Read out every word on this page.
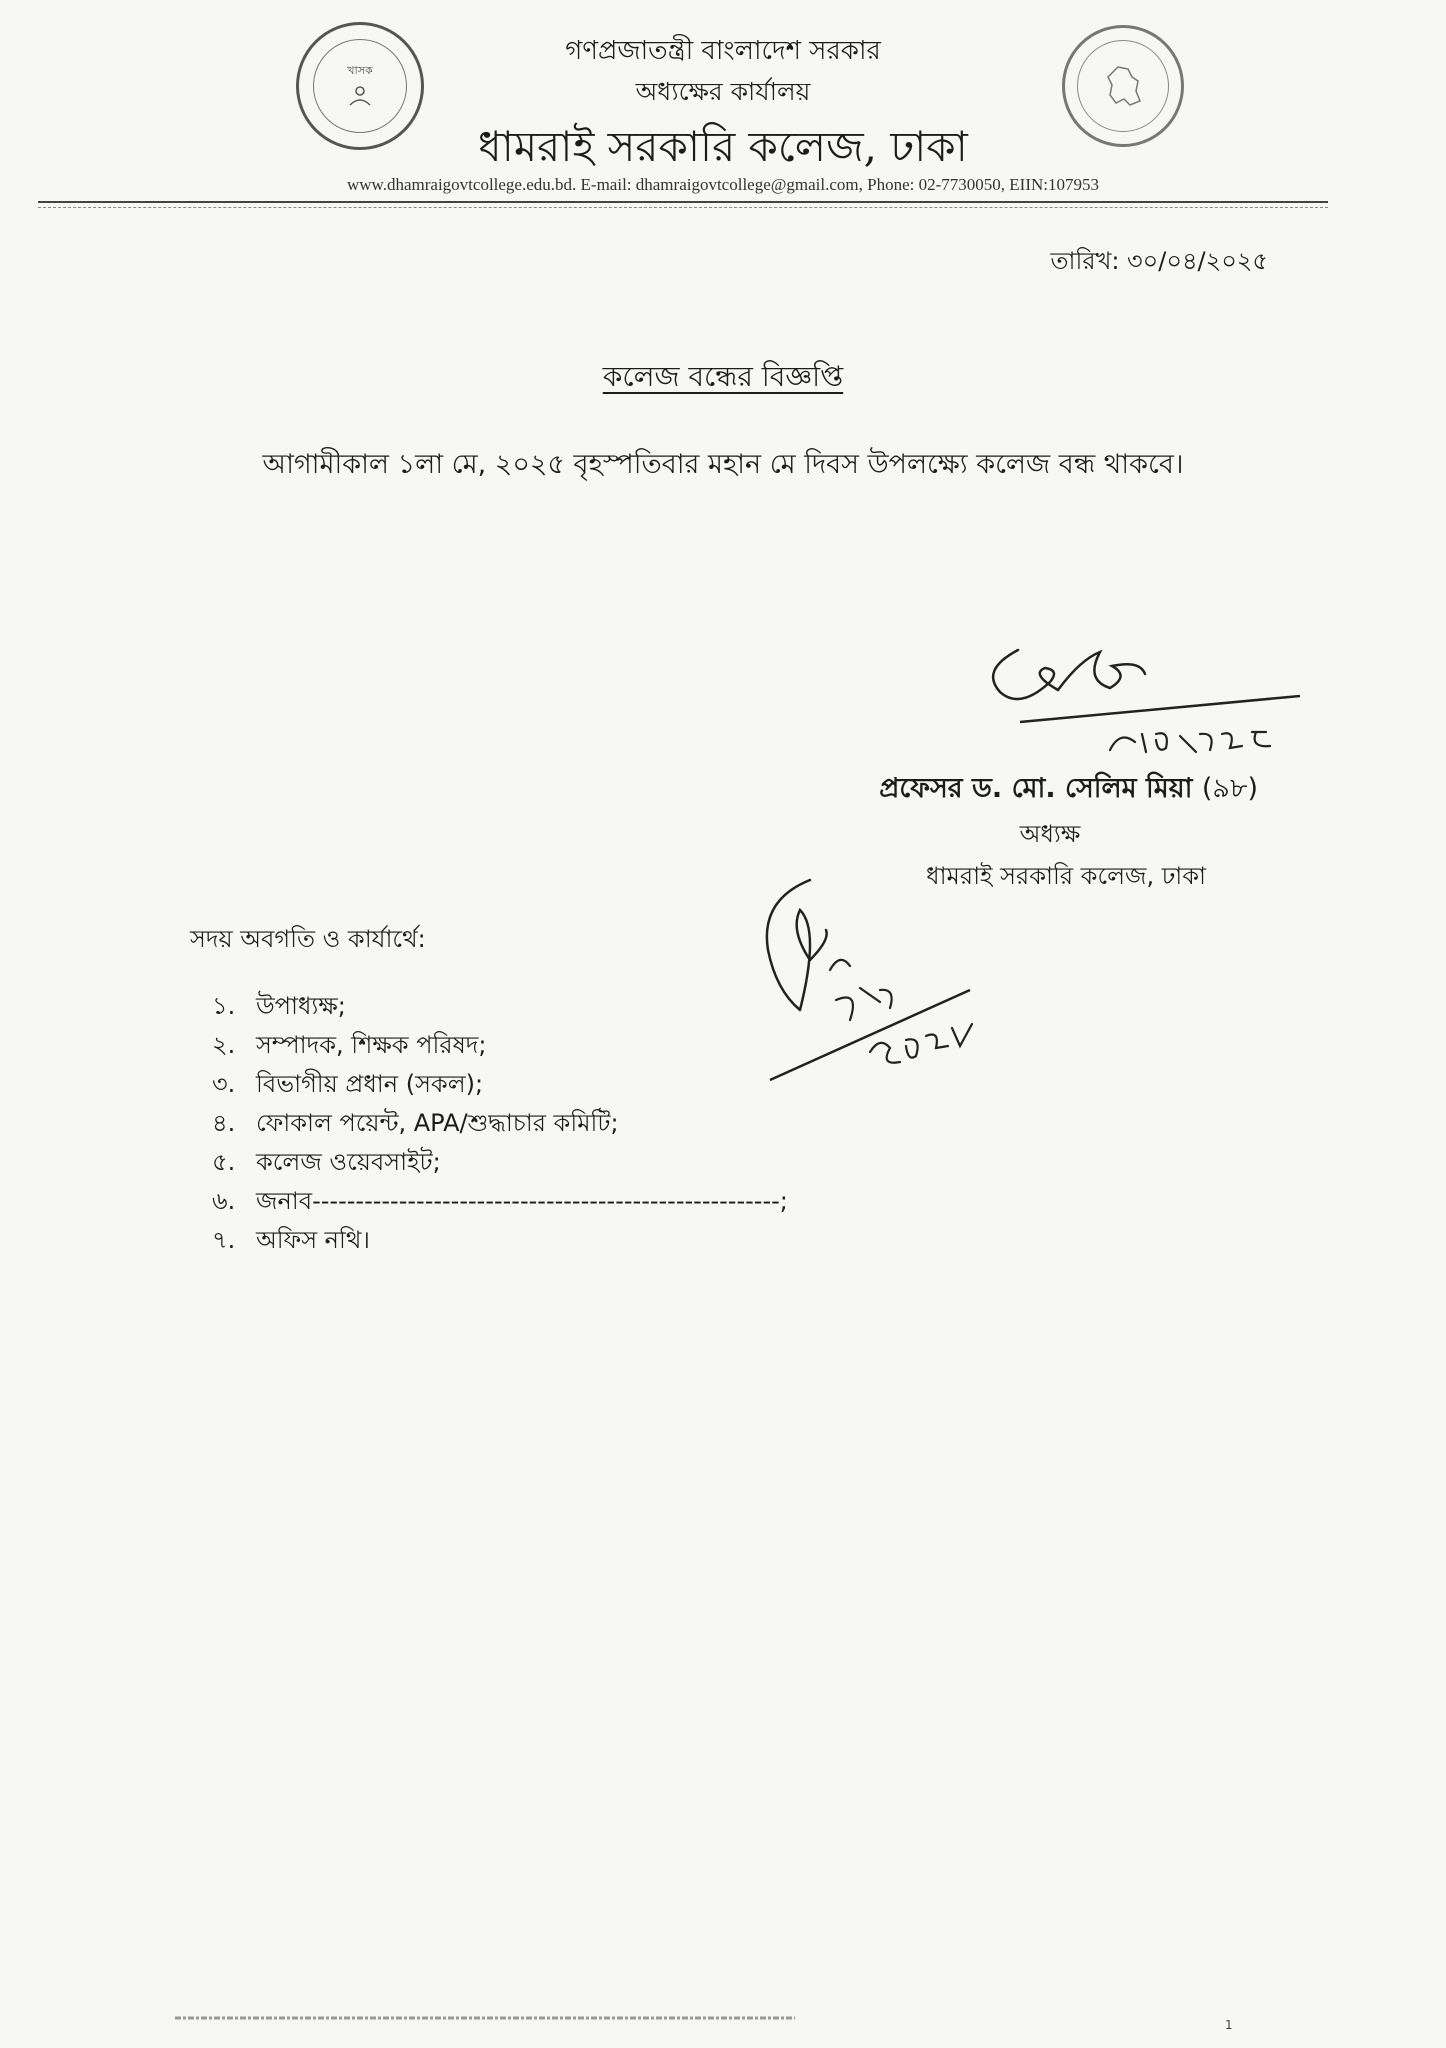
খাসক
গণপ্রজাতন্ত্রী বাংলাদেশ সরকার
অধ্যক্ষের কার্যালয়
ধামরাই সরকারি কলেজ, ঢাকা
www.dhamraigovtcollege.edu.bd. E-mail: dhamraigovtcollege@gmail.com, Phone: 02-7730050, EIIN:107953
তারিখ: ৩০/০৪/২০২৫
কলেজ বন্ধের বিজ্ঞপ্তি
আগামীকাল ১লা মে, ২০২৫ বৃহস্পতিবার মহান মে দিবস উপলক্ষ্যে কলেজ বন্ধ থাকবে।
প্রফেসর ড. মো. সেলিম মিয়া (৯৮)
অধ্যক্ষ
ধামরাই সরকারি কলেজ, ঢাকা
সদয় অবগতি ও কার্যার্থে:
১. উপাধ্যক্ষ;
২. সম্পাদক, শিক্ষক পরিষদ;
৩. বিভাগীয় প্রধান (সকল);
৪. ফোকাল পয়েন্ট, APA/শুদ্ধাচার কমিটি;
৫. কলেজ ওয়েবসাইট;
৬. জনাব------------------------------------------------------;
৭. অফিস নথি।
1
